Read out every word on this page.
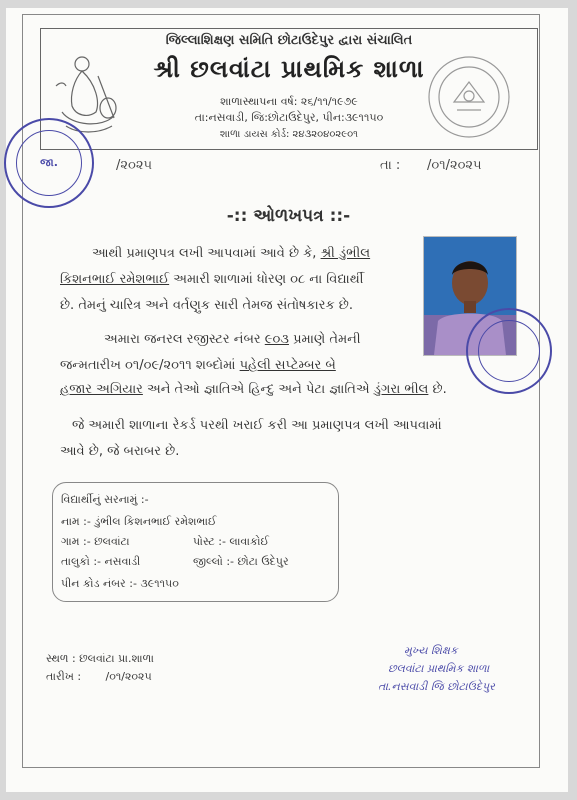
જિલ્લાશિક્ષણ સમિતિ છોટાઉદેપુર દ્વારા સંચાલિત
શ્રી છલવાંટા પ્રાથમિક શાળા
શાળાસ્થાપના વર્ષ: ૨૬/૧૧/૧૯૭૯
તા:નસવાડી, જિ:છોટાઉદેપુર, પીન:૩૯૧૧૫૦
શાળા ડાયસ કોર્ડ: ૨૪૩૨૦૪૦૨૯૦૧
જા.	/૨૦૨૫	તા : /૦૧/૨૦૨૫
-:: ઓળખપત્ર ::-
આથી પ્રમાણપત્ર લખી આપવામાં આવે છે કે, શ્રી ડુંભીલ
કિશનભાઈ રમેશભાઈ અમારી શાળામાં ધોરણ ૦૮ ના વિદ્યાર્થી
છે. તેમનું ચારિત્ર અને વર્તણુક સારી તેમજ સંતોષકારક છે.
અમારા જનરલ રજીસ્ટર નંબર ૯૦૩ પ્રમાણે તેમની
જન્મતારીખ ૦૧/૦૯/૨૦૧૧ શબ્દોમાં પહેલી સપ્ટેમ્બર બે
હજાર અગિયાર અને તેઓ જ્ઞાતિએ હિન્દુ અને પેટા જ્ઞાતિએ ડુંગરા ભીલ છે.
જે અમારી શાળાના રેકર્ડ પરથી ખરાઈ કરી આ પ્રમાણપત્ર લખી આપવામાં
આવે છે, જે બરાબર છે.
વિદ્યાર્થીનું સરનામું :-
નામ :- ડુંભીલ કિશનભાઈ રમેશભાઈ
ગામ :- છલવાંટા	પોસ્ટ :- લાવાકોઈ
તાલુકો :- નસવાડી	જીલ્લો :- છોટા ઉદેપુર
પીન કોડ નંબર :- ૩૯૧૧૫૦
સ્થળ : છલવાંટા પ્રા.શાળા
તારીખ :       /૦૧/૨૦૨૫
મુખ્ય શિક્ષક
છલવાંટા પ્રાથમિક શાળા
તા.નસવાડી જિ છોટાઉદેપુર
